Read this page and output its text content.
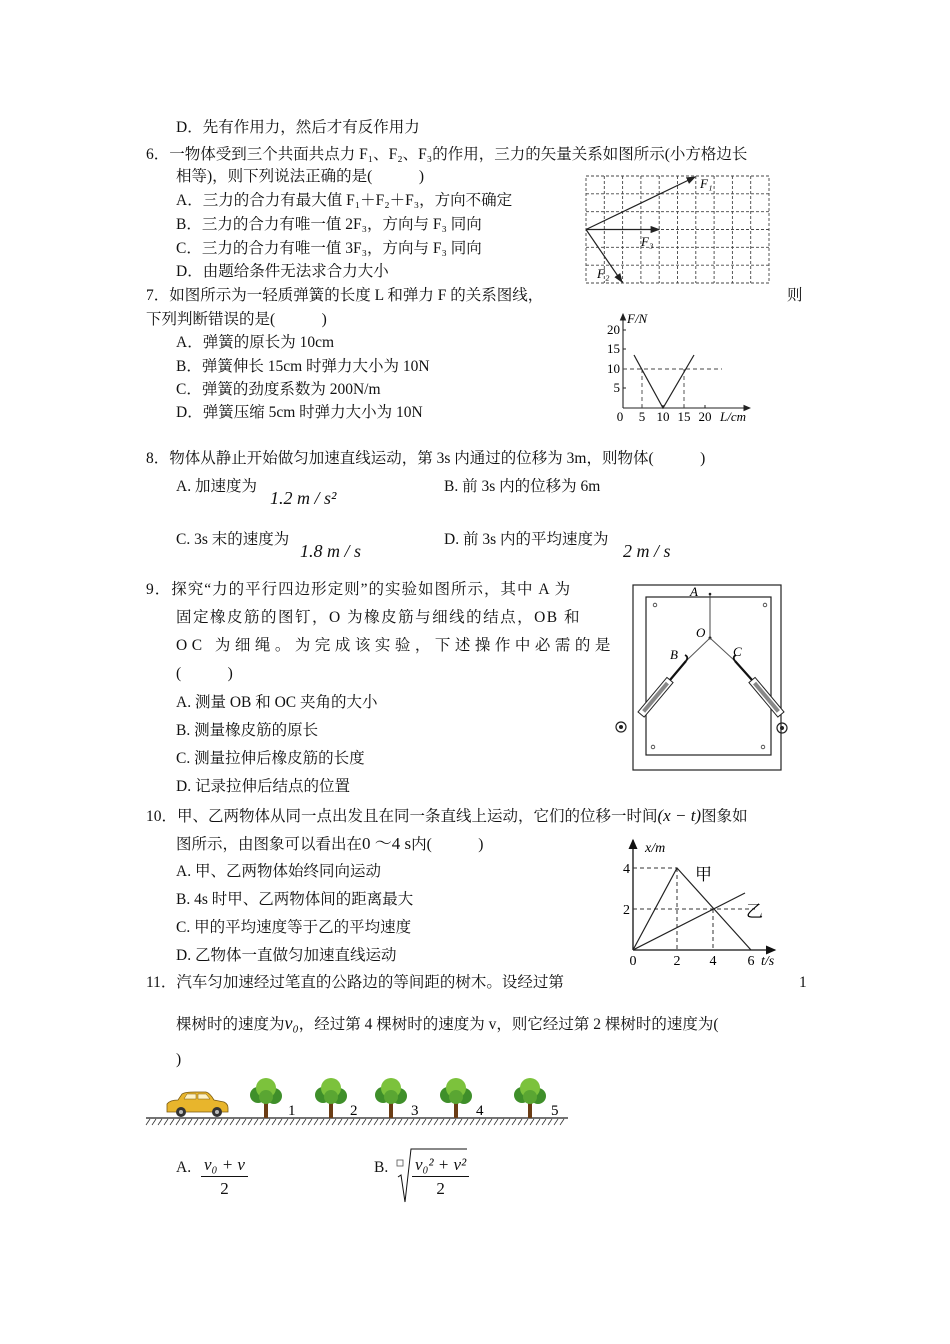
D．先有作用力，然后才有反作用力
6．一物体受到三个共面共点力 F₁、F₂、F₃的作用，三力的矢量关系如图所示(小方格边长
相等)，则下列说法正确的是(　　　)
A．三力的合力有最大值 F₁＋F₂＋F₃，方向不确定
B．三力的合力有唯一值 2F₃，方向与 F₃ 同向
C．三力的合力有唯一值 3F₃，方向与 F₃ 同向
D．由题给条件无法求合力大小
F₁
F₃
F₂
7．如图所示为一轻质弹簧的长度 L 和弹力 F 的关系图线，	则
下列判断错误的是(　　　)
A．弹簧的原长为 10cm
B．弹簧伸长 15cm 时弹力大小为 10N
C．弹簧的劲度系数为 200N/m
D．弹簧压缩 5cm 时弹力大小为 10N
F/N
20
15
10
5
0 5 10 15 20 L/cm
8．物体从静止开始做匀加速直线运动，第 3s 内通过的位移为 3m，则物体(　　　)
A. 加速度为
1.2 m / s²
B. 前 3s 内的位移为 6m
C. 3s 末的速度为
1.8 m / s
D. 前 3s 内的平均速度为
2 m / s
9．探究“力的平行四边形定则”的实验如图所示，其中 A 为
固定橡皮筋的图钉，O 为橡皮筋与细线的结点，OB 和
OC 为细绳。为完成该实验，下述操作中必需的是
(　　　)
A. 测量 OB 和 OC 夹角的大小
B. 测量橡皮筋的原长
C. 测量拉伸后橡皮筋的长度
D. 记录拉伸后结点的位置
A
O
B	C
10．甲、乙两物体从同一点出发且在同一条直线上运动，它们的位移一时间(x − t)图象如
图所示，由图象可以看出在0 ～4 s内(　　　)
A. 甲、乙两物体始终同向运动
B. 4s 时甲、乙两物体间的距离最大
C. 甲的平均速度等于乙的平均速度
D. 乙物体一直做匀加速直线运动
x/m
4
2
0	2 4 6 t/s
甲
乙
11．汽车匀加速经过笔直的公路边的等间距的树木。设经过第	1
棵树时的速度为v₀，经过第 4 棵树时的速度为 v，则它经过第 2 棵树时的速度为(
)
1	2	3	4	5
A. $\frac{\text{v₀ + v}}{2}$	B. $\frac{\text{v₀² + v²}}{2}$
